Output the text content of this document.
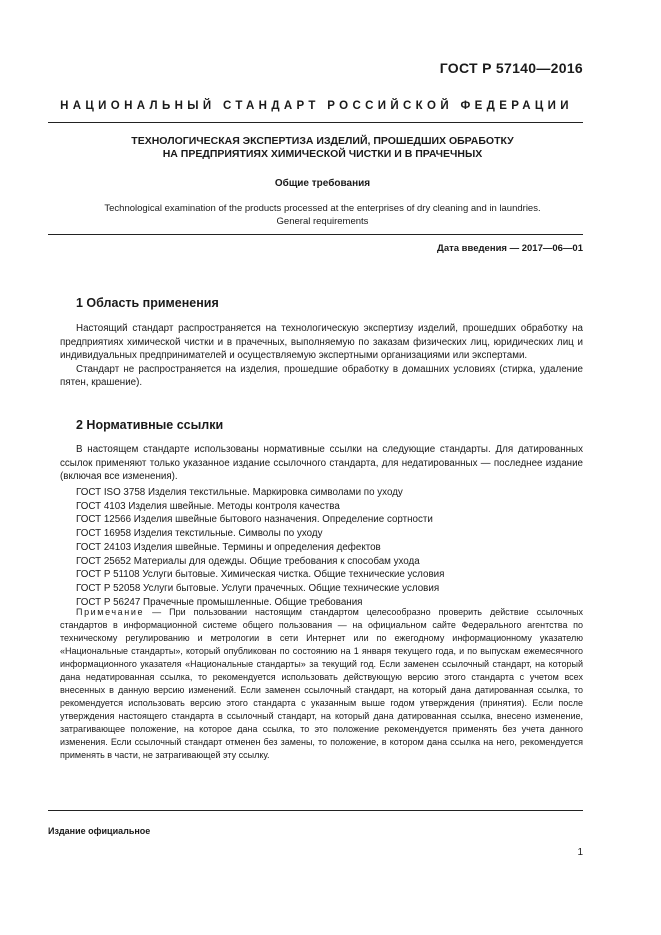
ГОСТ Р 57140—2016
НАЦИОНАЛЬНЫЙ СТАНДАРТ РОССИЙСКОЙ ФЕДЕРАЦИИ
ТЕХНОЛОГИЧЕСКАЯ ЭКСПЕРТИЗА ИЗДЕЛИЙ, ПРОШЕДШИХ ОБРАБОТКУ
НА ПРЕДПРИЯТИЯХ ХИМИЧЕСКОЙ ЧИСТКИ И В ПРАЧЕЧНЫХ
Общие требования
Technological examination of the products processed at the enterprises of dry cleaning and in laundries.
General requirements
Дата введения — 2017—06—01
1 Область применения

Настоящий стандарт распространяется на технологическую экспертизу изделий, прошедших обработку на предприятиях химической чистки и в прачечных, выполняемую по заказам физических лиц, юридических лиц и индивидуальных предпринимателей и осуществляемую экспертными организациями или экспертами.

Стандарт не распространяется на изделия, прошедшие обработку в домашних условиях (стирка, удаление пятен, крашение).

2 Нормативные ссылки

В настоящем стандарте использованы нормативные ссылки на следующие стандарты. Для датированных ссылок применяют только указанное издание ссылочного стандарта, для недатированных — последнее издание (включая все изменения).

ГОСТ ISO 3758 Изделия текстильные. Маркировка символами по уходу
ГОСТ 4103 Изделия швейные. Методы контроля качества
ГОСТ 12566 Изделия швейные бытового назначения. Определение сортности
ГОСТ 16958 Изделия текстильные. Символы по уходу
ГОСТ 24103 Изделия швейные. Термины и определения дефектов
ГОСТ 25652 Материалы для одежды. Общие требования к способам ухода
ГОСТ Р 51108 Услуги бытовые. Химическая чистка. Общие технические условия
ГОСТ Р 52058 Услуги бытовые. Услуги прачечных. Общие технические условия
ГОСТ Р 56247 Прачечные промышленные. Общие требования

Примечание — При пользовании настоящим стандартом целесообразно проверить действие ссылочных стандартов в информационной системе общего пользования — на официальном сайте Федерального агентства по техническому регулированию и метрологии в сети Интернет или по ежегодному информационному указателю «Национальные стандарты», который опубликован по состоянию на 1 января текущего года, и по выпускам ежемесячного информационного указателя «Национальные стандарты» за текущий год. Если заменен ссылочный стандарт, на который дана недатированная ссылка, то рекомендуется использовать действующую версию этого стандарта с учетом всех внесенных в данную версию изменений. Если заменен ссылочный стандарт, на который дана датированная ссылка, то рекомендуется использовать версию этого стандарта с указанным выше годом утверждения (принятия). Если после утверждения настоящего стандарта в ссылочный стандарт, на который дана датированная ссылка, внесено изменение, затрагивающее положение, на которое дана ссылка, то это положение рекомендуется применять без учета данного изменения. Если ссылочный стандарт отменен без замены, то положение, в котором дана ссылка на него, рекомендуется применять в части, не затрагивающей эту ссылку.

Издание официальное
1
